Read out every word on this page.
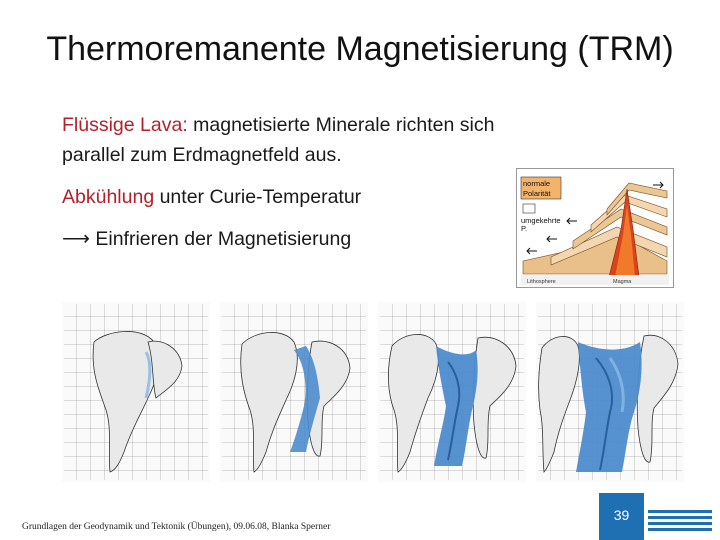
Thermoremanente Magnetisierung (TRM)

Flüssige Lava: magnetisierte Minerale richten sich parallel zum Erdmagnetfeld aus.

Abkühlung unter Curie-Temperatur

⟶ Einfrieren der Magnetisierung

normale
Polarität
umgekehrte
P.
Lithosphere	Magma
Grundlagen der Geodynamik und Tektonik (Übungen), 09.06.08, Blanka Sperner
39
